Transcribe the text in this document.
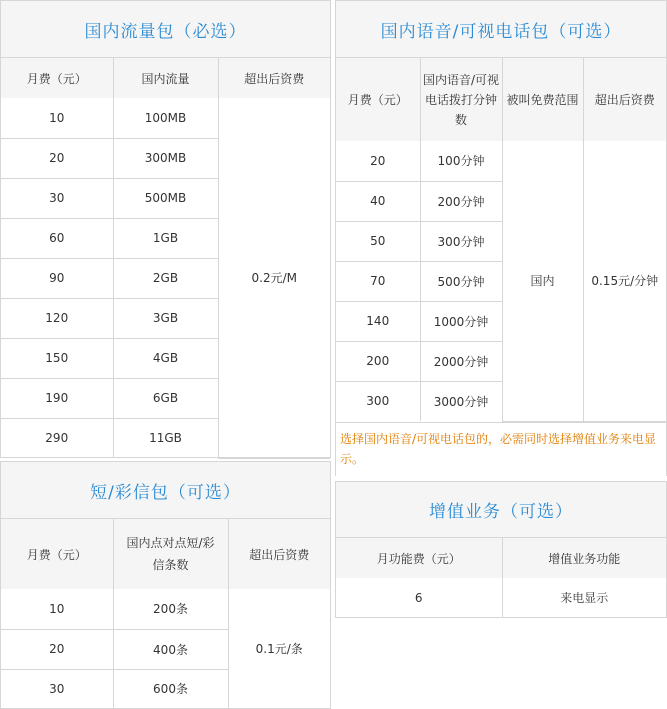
国内流量包（必选）
月费（元）	国内流量	超出后资费
10	100MB	0.2元/M
20	300MB	
30	500MB	
60	1GB	
90	2GB	
120	3GB	
150	4GB	
190	6GB	
290	11GB	
国内语音/可视电话包（可选）
月费（元）	国内语音/可视电话拨打分钟数	被叫免费范围	超出后资费
20	100分钟	国内	0.15元/分钟
40	200分钟		
50	300分钟		
70	500分钟		
140	1000分钟		
200	2000分钟		
300	3000分钟		
选择国内语音/可视电话包的，必需同时选择增值业务来电显示。
短/彩信包（可选）
月费（元）	国内点对点短/彩信条数	超出后资费
10	200条	0.1元/条
20	400条	
30	600条	
增值业务（可选）
月功能费（元）	增值业务功能
6	来电显示
